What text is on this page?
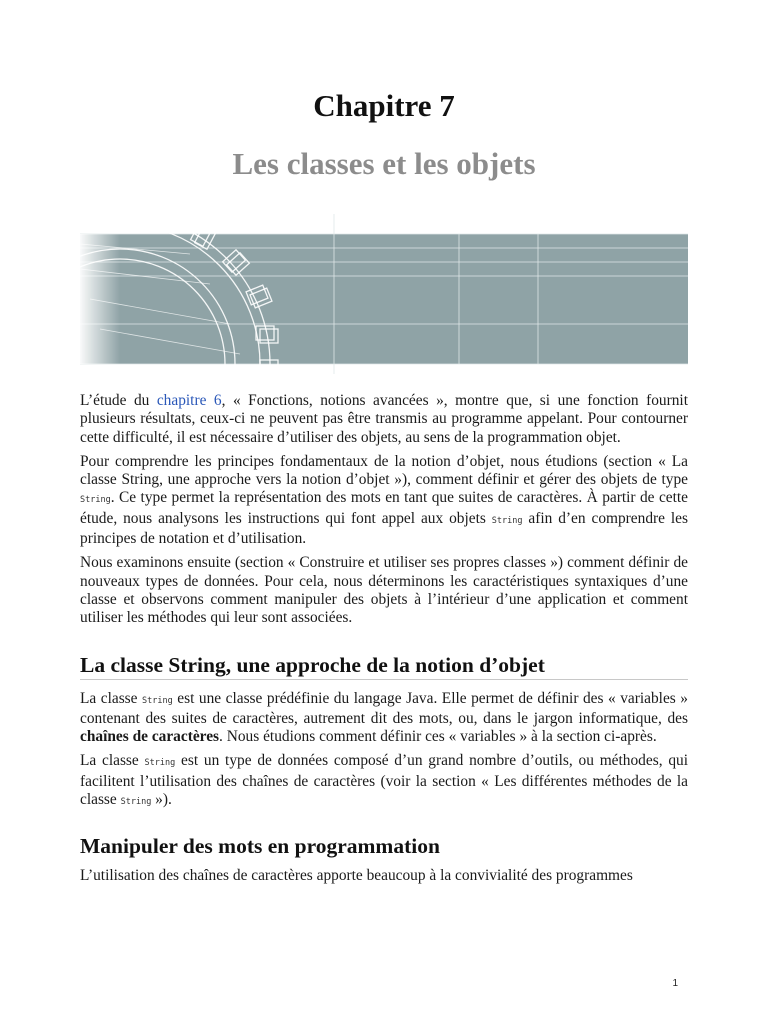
Chapitre 7
Les classes et les objets

L’étude du chapitre 6, « Fonctions, notions avancées », montre que, si une fonction fournit plusieurs résultats, ceux-ci ne peuvent pas être transmis au programme appelant. Pour contourner cette difficulté, il est nécessaire d’utiliser des objets, au sens de la programmation objet.

Pour comprendre les principes fondamentaux de la notion d’objet, nous étudions (section « La classe String, une approche vers la notion d’objet »), comment définir et gérer des objets de type String. Ce type permet la représentation des mots en tant que suites de caractères. À partir de cette étude, nous analysons les instructions qui font appel aux objets String afin d’en comprendre les principes de notation et d’utilisation.

Nous examinons ensuite (section « Construire et utiliser ses propres classes ») comment définir de nouveaux types de données. Pour cela, nous déterminons les caractéristiques syntaxiques d’une classe et observons comment manipuler des objets à l’intérieur d’une application et comment utiliser les méthodes qui leur sont associées.

La classe String, une approche de la notion d’objet

La classe String est une classe prédéfinie du langage Java. Elle permet de définir des « variables » contenant des suites de caractères, autrement dit des mots, ou, dans le jargon informatique, des chaînes de caractères. Nous étudions comment définir ces « variables » à la section ci-après.

La classe String est un type de données composé d’un grand nombre d’outils, ou méthodes, qui facilitent l’utilisation des chaînes de caractères (voir la section « Les différentes méthodes de la classe String »).

Manipuler des mots en programmation

L’utilisation des chaînes de caractères apporte beaucoup à la convivialité des programmes

1
